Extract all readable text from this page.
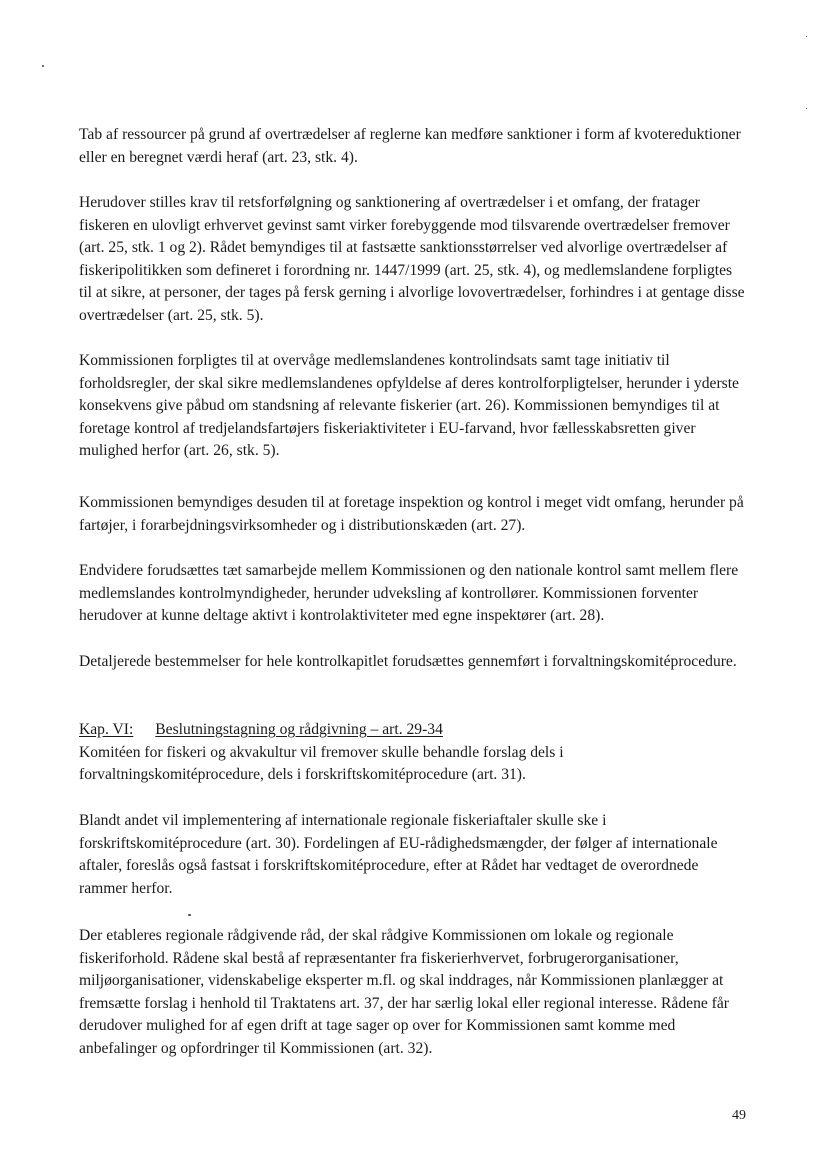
Tab af ressourcer på grund af overtrædelser af reglerne kan medføre sanktioner i form af kvotereduktioner eller en beregnet værdi heraf (art. 23, stk. 4).

Herudover stilles krav til retsforfølgning og sanktionering af overtrædelser i et omfang, der fratager fiskeren en ulovligt erhvervet gevinst samt virker forebyggende mod tilsvarende overtrædelser fremover (art. 25, stk. 1 og 2). Rådet bemyndiges til at fastsætte sanktionsstørrelser ved alvorlige overtrædelser af fiskeripolitikken som defineret i forordning nr. 1447/1999 (art. 25, stk. 4), og medlemslandene forpligtes til at sikre, at personer, der tages på fersk gerning i alvorlige lovovertrædelser, forhindres i at gentage disse overtrædelser (art. 25, stk. 5).

Kommissionen forpligtes til at overvåge medlemslandenes kontrolindsats samt tage initiativ til forholdsregler, der skal sikre medlemslandenes opfyldelse af deres kontrolforpligtelser, herunder i yderste konsekvens give påbud om standsning af relevante fiskerier (art. 26). Kommissionen bemyndiges til at foretage kontrol af tredjelandsfartøjers fiskeriaktiviteter i EU-farvand, hvor fællesskabsretten giver mulighed herfor (art. 26, stk. 5).

Kommissionen bemyndiges desuden til at foretage inspektion og kontrol i meget vidt omfang, herunder på fartøjer, i forarbejdningsvirksomheder og i distributionskæden (art. 27).

Endvidere forudsættes tæt samarbejde mellem Kommissionen og den nationale kontrol samt mellem flere medlemslandes kontrolmyndigheder, herunder udveksling af kontrollører. Kommissionen forventer herudover at kunne deltage aktivt i kontrolaktiviteter med egne inspektører (art. 28).

Detaljerede bestemmelser for hele kontrolkapitlet forudsættes gennemført i forvaltningskomitéprocedure.

Kap. VI: Beslutningstagning og rådgivning – art. 29-34
Komitéen for fiskeri og akvakultur vil fremover skulle behandle forslag dels i forvaltningskomitéprocedure, dels i forskriftskomitéprocedure (art. 31).

Blandt andet vil implementering af internationale regionale fiskeriaftaler skulle ske i forskriftskomitéprocedure (art. 30). Fordelingen af EU-rådighedsmængder, der følger af internationale aftaler, foreslås også fastsat i forskriftskomitéprocedure, efter at Rådet har vedtaget de overordnede rammer herfor.

Der etableres regionale rådgivende råd, der skal rådgive Kommissionen om lokale og regionale fiskeriforhold. Rådene skal bestå af repræsentanter fra fiskerierhvervet, forbrugerorganisationer, miljøorganisationer, videnskabelige eksperter m.fl. og skal inddrages, når Kommissionen planlægger at fremsætte forslag i henhold til Traktatens art. 37, der har særlig lokal eller regional interesse. Rådene får derudover mulighed for af egen drift at tage sager op over for Kommissionen samt komme med anbefalinger og opfordringer til Kommissionen (art. 32).

49
